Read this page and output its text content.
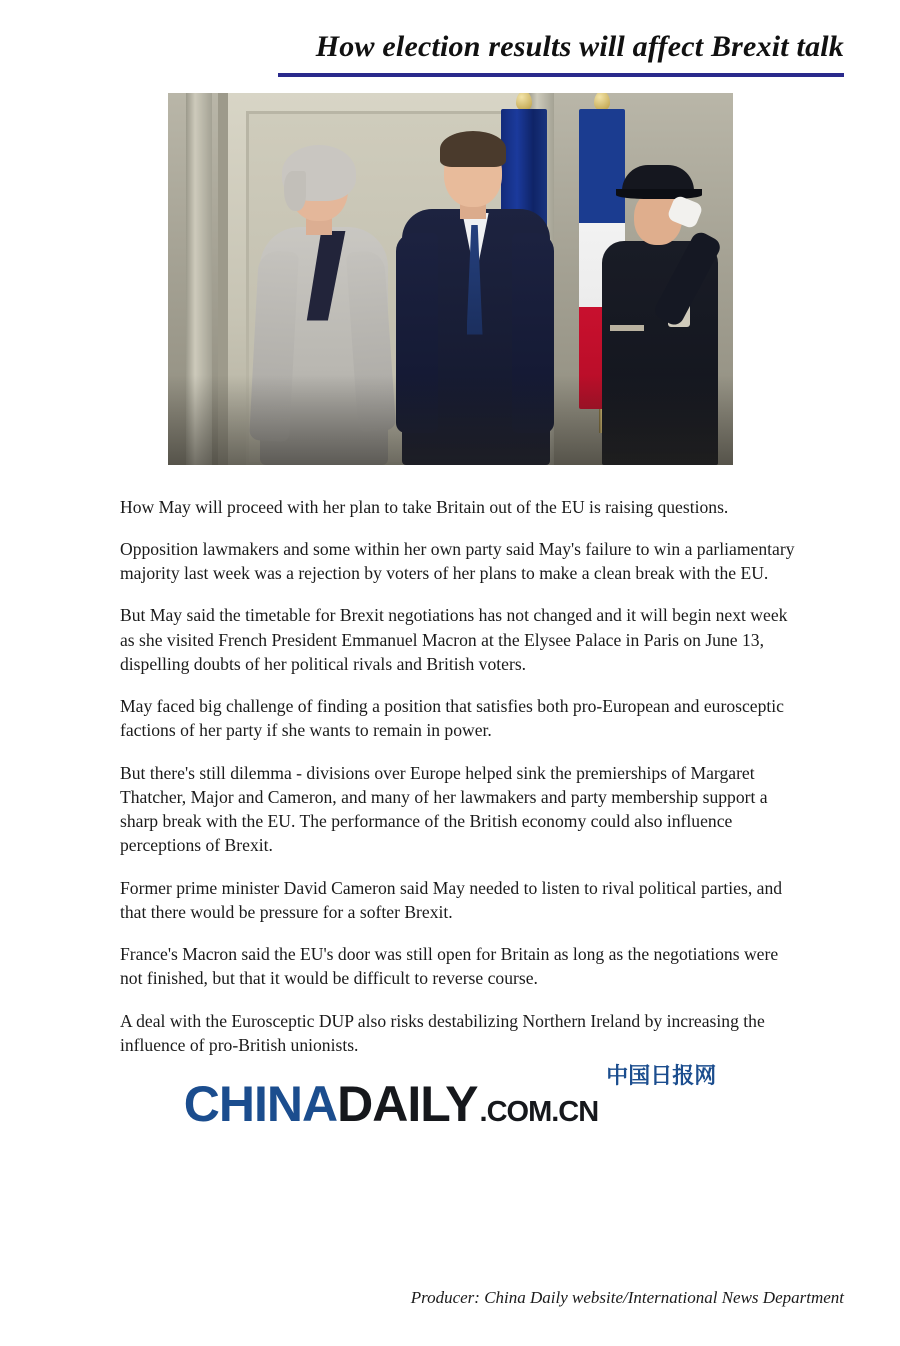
How election results will affect Brexit talk

How May will proceed with her plan to take Britain out of the EU is raising questions.

Opposition lawmakers and some within her own party said May's failure to win a parliamentary majority last week was a rejection by voters of her plans to make a clean break with the EU.

But May said the timetable for Brexit negotiations has not changed and it will begin next week as she visited French President Emmanuel Macron at the Elysee Palace in Paris on June 13, dispelling doubts of her political rivals and British voters.

May faced big challenge of finding a position that satisfies both pro-European and eurosceptic factions of her party if she wants to remain in power.

But there's still dilemma - divisions over Europe helped sink the premierships of Margaret Thatcher, Major and Cameron, and many of her lawmakers and party membership support a sharp break with the EU. The performance of the British economy could also influence perceptions of Brexit.

Former prime minister David Cameron said May needed to listen to rival political parties, and that there would be pressure for a softer Brexit.

France's Macron said the EU's door was still open for Britain as long as the negotiations were not finished, but that it would be difficult to reverse course.

A deal with the Eurosceptic DUP also risks destabilizing Northern Ireland by increasing the influence of pro-British unionists.

CHINA DAILY .COM.CN
中国日报网
Producer: China Daily website/International News Department
